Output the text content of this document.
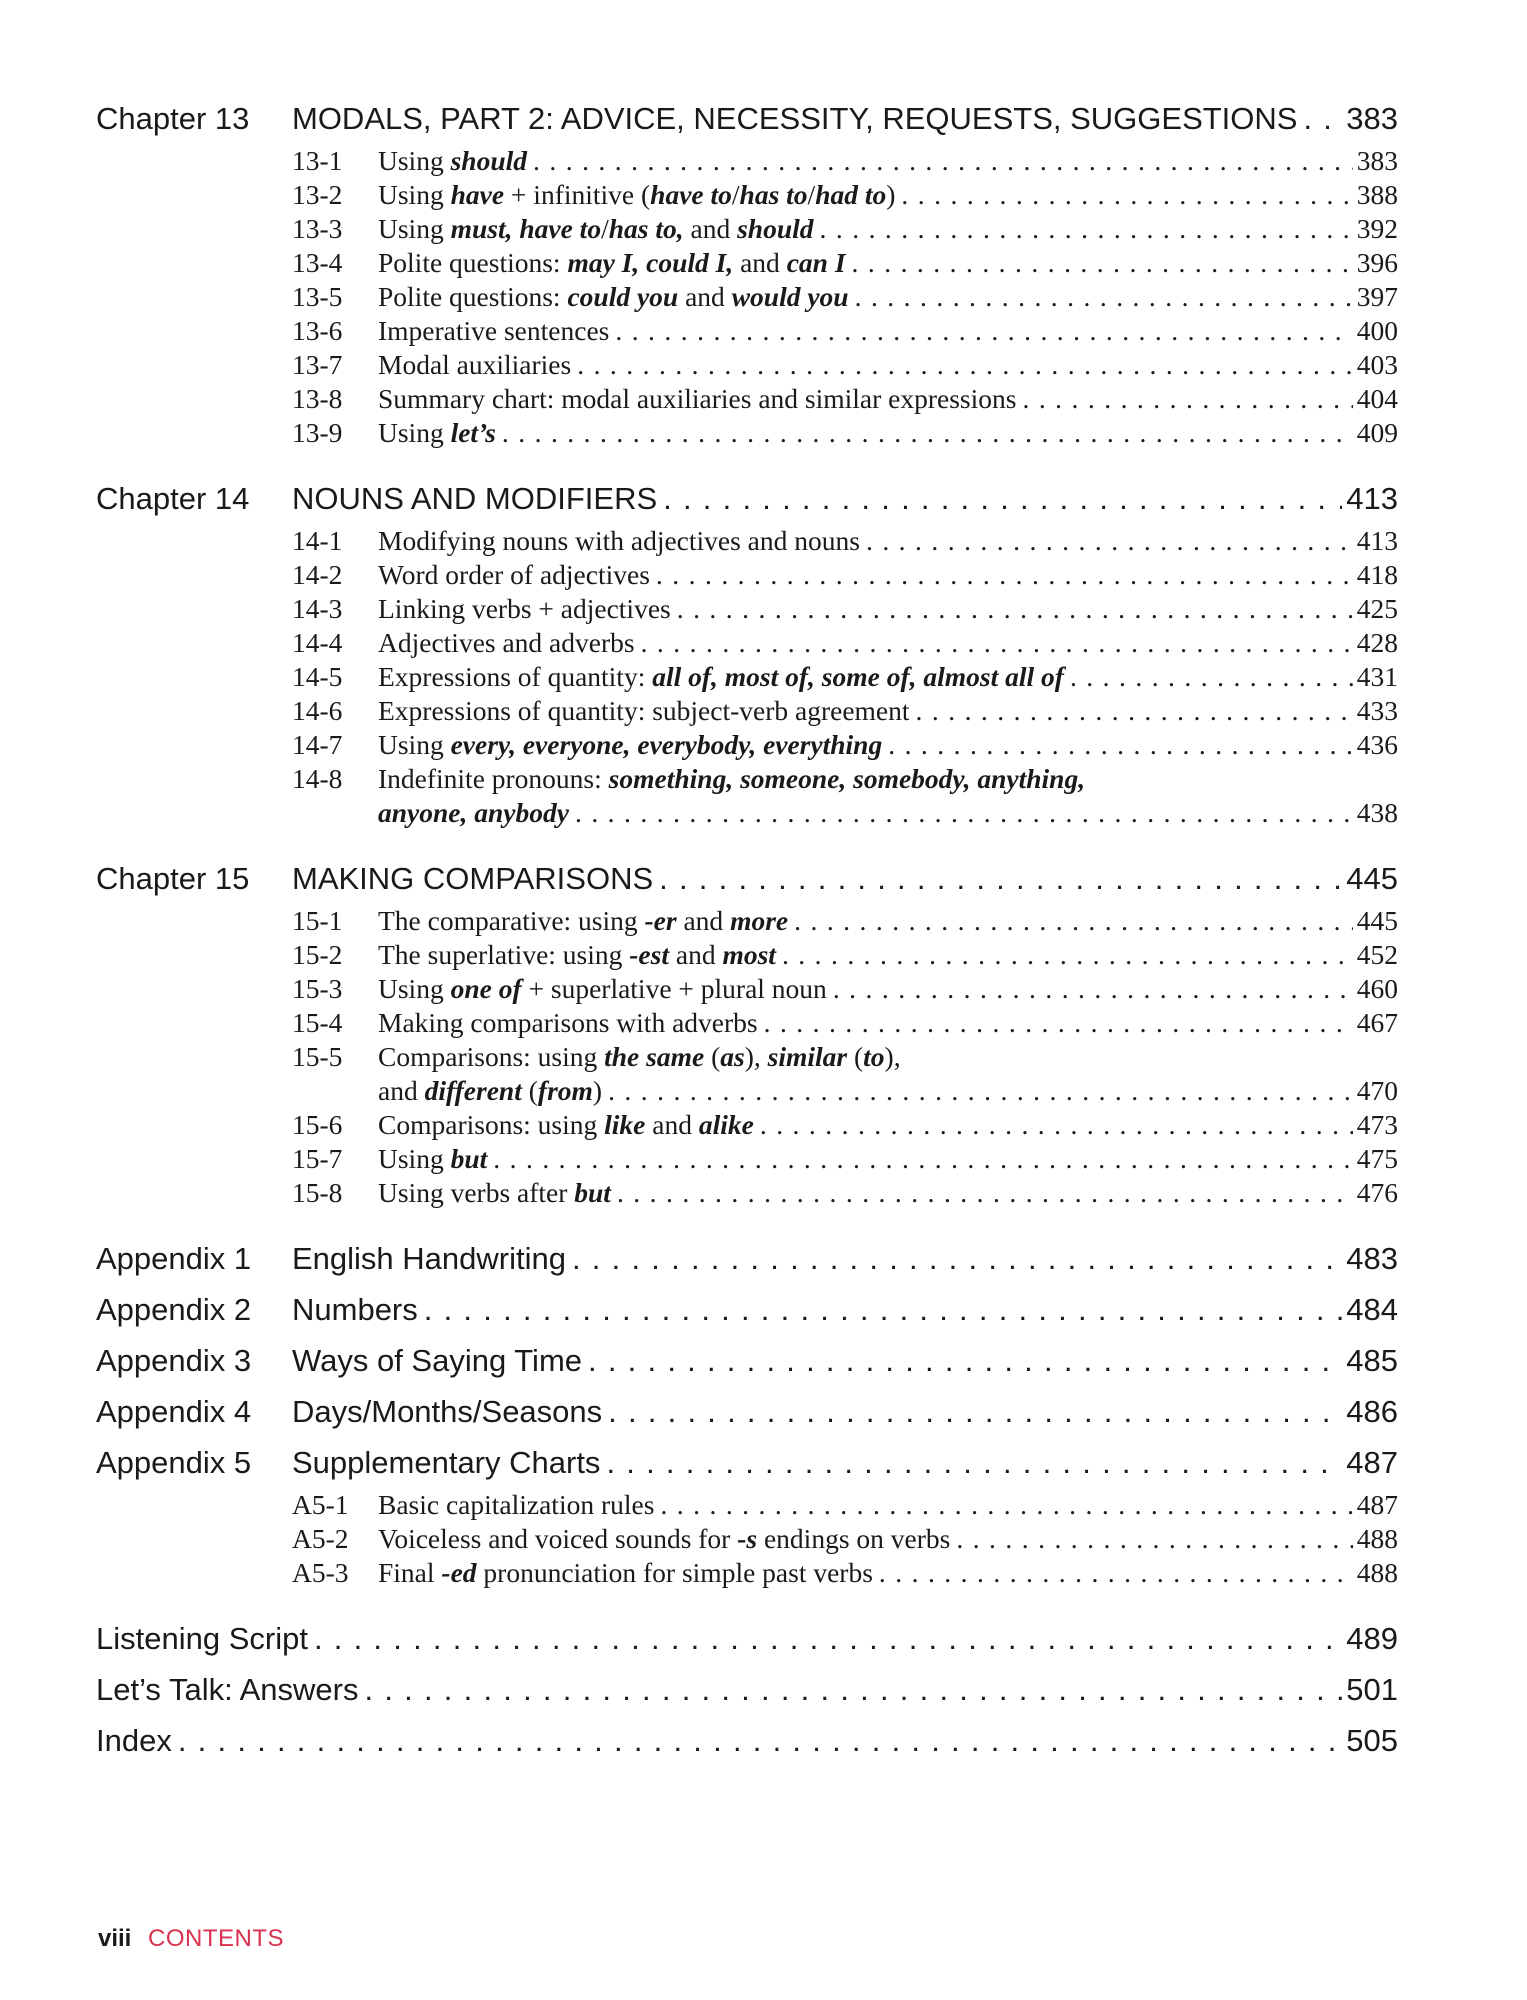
Chapter 13	MODALS, PART 2: ADVICE, NECESSITY, REQUESTS, SUGGESTIONS . . . 383
13-1	Using should . . .	383
13-2	Using have + infinitive (have to/has to/had to) . . .	388
13-3	Using must, have to/has to, and should . . .	392
13-4	Polite questions: may I, could I, and can I . . .	396
13-5	Polite questions: could you and would you . . .	397
13-6	Imperative sentences . . .	400
13-7	Modal auxiliaries . . .	403
13-8	Summary chart: modal auxiliaries and similar expressions . . .	404
13-9	Using let’s . . .	409
Chapter 14	NOUNS AND MODIFIERS . . .	413
14-1	Modifying nouns with adjectives and nouns . . .	413
14-2	Word order of adjectives . . .	418
14-3	Linking verbs + adjectives . . .	425
14-4	Adjectives and adverbs . . .	428
14-5	Expressions of quantity: all of, most of, some of, almost all of . . .	431
14-6	Expressions of quantity: subject-verb agreement . . .	433
14-7	Using every, everyone, everybody, everything . . .	436
14-8	Indefinite pronouns: something, someone, somebody, anything,
anyone, anybody . . .	438
Chapter 15	MAKING COMPARISONS . . .	445
15-1	The comparative: using -er and more . . .	445
15-2	The superlative: using -est and most . . .	452
15-3	Using one of + superlative + plural noun . . .	460
15-4	Making comparisons with adverbs . . .	467
15-5	Comparisons: using the same (as), similar (to),
and different (from) . . .	470
15-6	Comparisons: using like and alike . . .	473
15-7	Using but . . .	475
15-8	Using verbs after but . . .	476
Appendix 1	English Handwriting . . .	483
Appendix 2	Numbers . . .	484
Appendix 3	Ways of Saying Time . . .	485
Appendix 4	Days/Months/Seasons . . .	486
Appendix 5	Supplementary Charts . . .	487
A5-1	Basic capitalization rules . . .	487
A5-2	Voiceless and voiced sounds for -s endings on verbs . . .	488
A5-3	Final -ed pronunciation for simple past verbs . . .	488
Listening Script . . .	489
Let’s Talk: Answers . . .	501
Index . . .	505
viii CONTENTS
